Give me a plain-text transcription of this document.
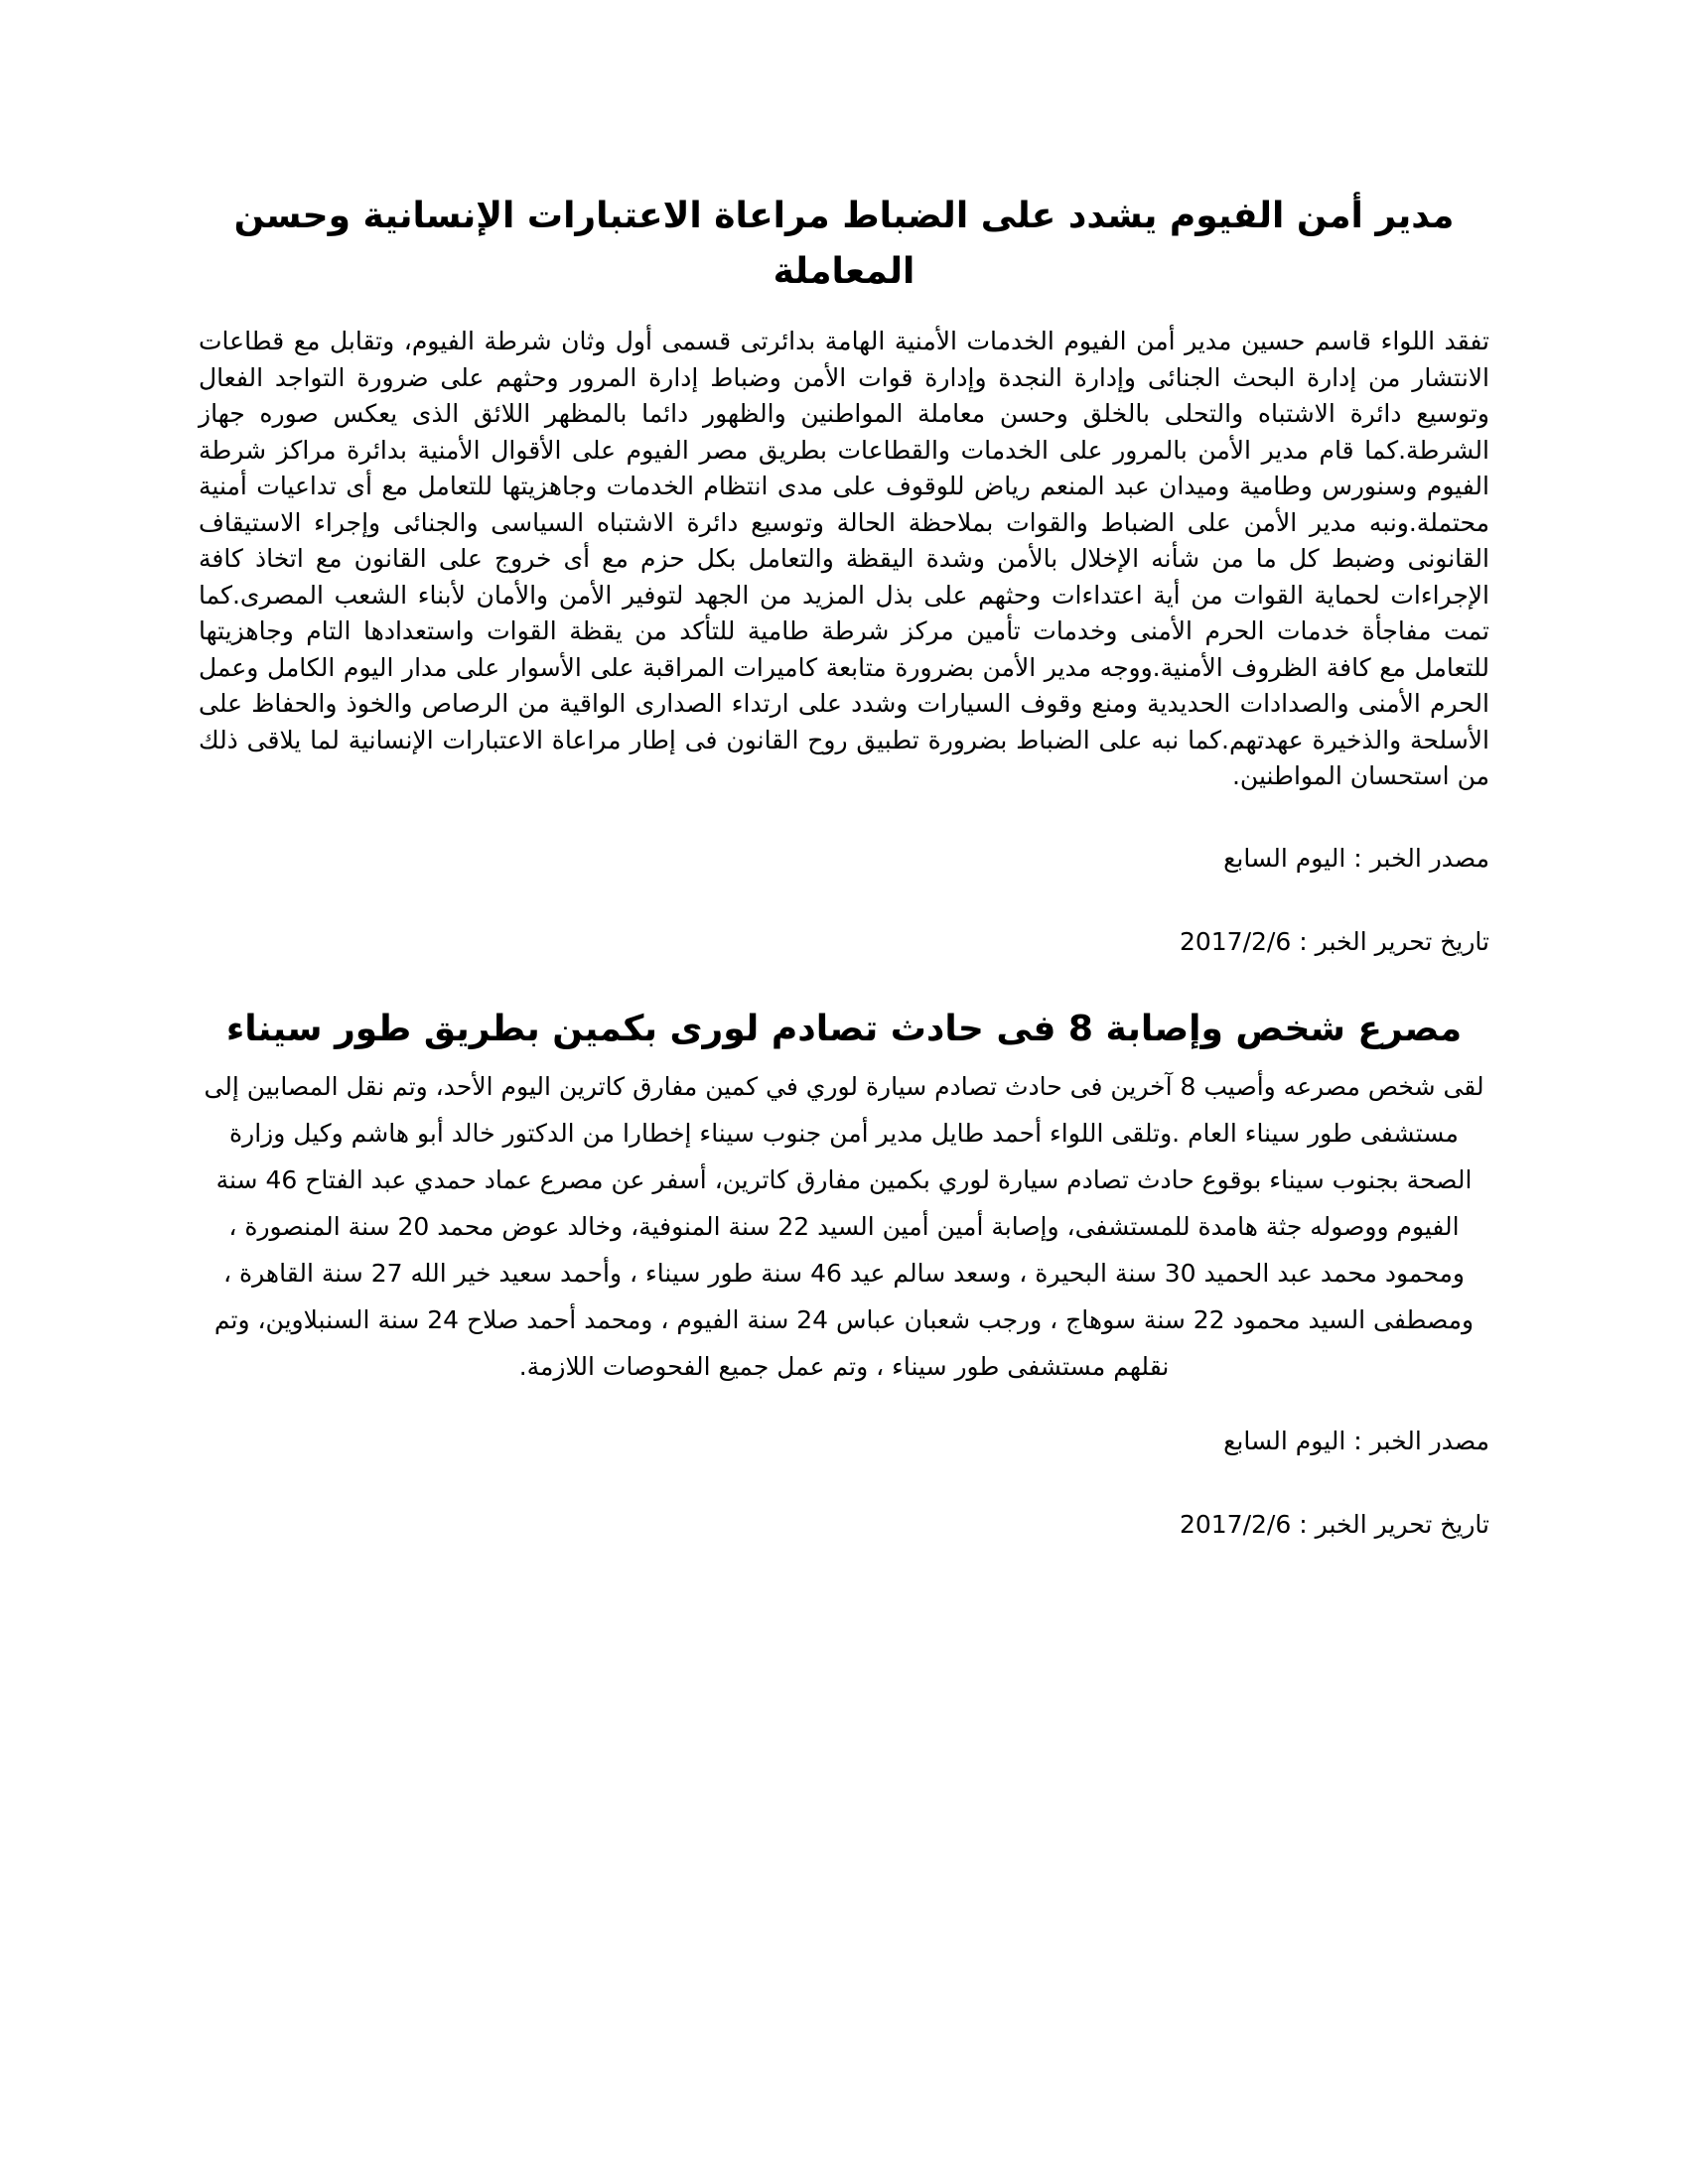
مدير أمن الفيوم يشدد على الضباط مراعاة الاعتبارات الإنسانية وحسن المعاملة

تفقد اللواء قاسم حسين مدير أمن الفيوم الخدمات الأمنية الهامة بدائرتى قسمى أول وثان شرطة الفيوم، وتقابل مع قطاعات الانتشار من إدارة البحث الجنائى وإدارة النجدة وإدارة قوات الأمن وضباط إدارة المرور وحثهم على ضرورة التواجد الفعال وتوسيع دائرة الاشتباه والتحلى بالخلق وحسن معاملة المواطنين والظهور دائما بالمظهر اللائق الذى يعكس صوره جهاز الشرطة.كما قام مدير الأمن بالمرور على الخدمات والقطاعات بطريق مصر الفيوم على الأقوال الأمنية بدائرة مراكز شرطة الفيوم وسنورس وطامية وميدان عبد المنعم رياض للوقوف على مدى انتظام الخدمات وجاهزيتها للتعامل مع أى تداعيات أمنية محتملة.ونبه مدير الأمن على الضباط والقوات بملاحظة الحالة وتوسيع دائرة الاشتباه السياسى والجنائى وإجراء الاستيقاف القانونى وضبط كل ما من شأنه الإخلال بالأمن وشدة اليقظة والتعامل بكل حزم مع أى خروج على القانون مع اتخاذ كافة الإجراءات لحماية القوات من أية اعتداءات وحثهم على بذل المزيد من الجهد لتوفير الأمن والأمان لأبناء الشعب المصرى.كما تمت مفاجأة خدمات الحرم الأمنى وخدمات تأمين مركز شرطة طامية للتأكد من يقظة القوات واستعدادها التام وجاهزيتها للتعامل مع كافة الظروف الأمنية.ووجه مدير الأمن بضرورة متابعة كاميرات المراقبة على الأسوار على مدار اليوم الكامل وعمل الحرم الأمنى والصدادات الحديدية ومنع وقوف السيارات وشدد على ارتداء الصدارى الواقية من الرصاص والخوذ والحفاظ على الأسلحة والذخيرة عهدتهم.كما نبه على الضباط بضرورة تطبيق روح القانون فى إطار مراعاة الاعتبارات الإنسانية لما يلاقى ذلك من استحسان المواطنين.

مصدر الخبر:اليوم السابع

تاريخ تحرير الخبر:2017/2/6

مصرع شخص وإصابة 8 فى حادث تصادم لورى بكمين بطريق طور سيناء

لقى شخص مصرعه وأصيب 8 آخرين فى حادث تصادم سيارة لوري في كمين مفارق كاترين اليوم الأحد، وتم نقل المصابين إلى مستشفى طور سيناء العام .وتلقى اللواء أحمد طايل مدير أمن جنوب سيناء إخطارا من الدكتور خالد أبو هاشم وكيل وزارة الصحة بجنوب سيناء بوقوع حادث تصادم سيارة لوري بكمين مفارق كاترين، أسفر عن مصرع عماد حمدي عبد الفتاح 46 سنة الفيوم ووصوله جثة هامدة للمستشفى، وإصابة أمين أمين السيد 22 سنة المنوفية، وخالد عوض محمد 20 سنة المنصورة ، ومحمود محمد عبد الحميد 30 سنة البحيرة ، وسعد سالم عيد 46 سنة طور سيناء ، وأحمد سعيد خير الله 27 سنة القاهرة ، ومصطفى السيد محمود 22 سنة سوهاج ، ورجب شعبان عباس 24 سنة الفيوم ، ومحمد أحمد صلاح 24 سنة السنبلاوين، وتم نقلهم مستشفى طور سيناء ، وتم عمل جميع الفحوصات اللازمة.

مصدر الخبر:اليوم السابع

تاريخ تحرير الخبر:2017/2/6
